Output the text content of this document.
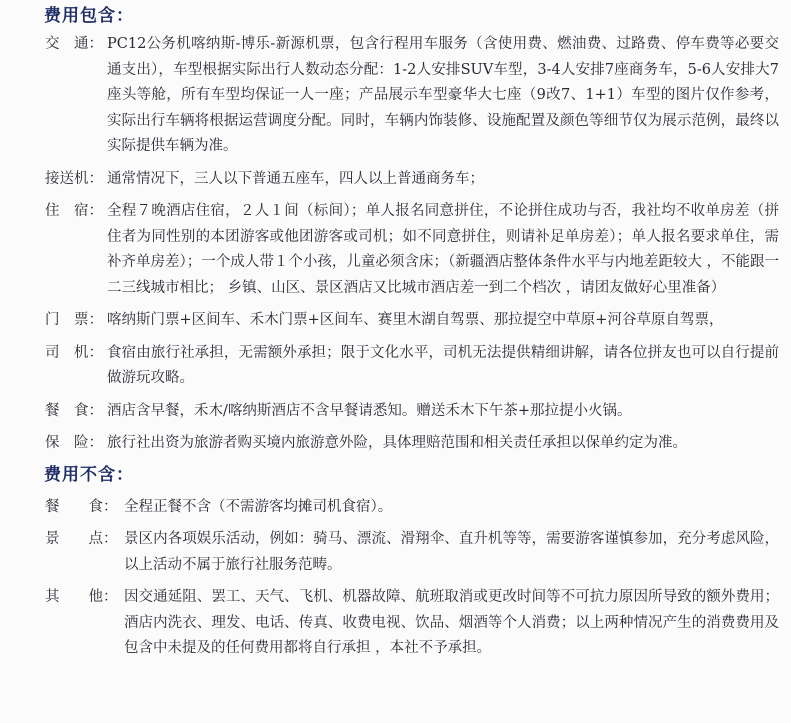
费用包含：
交　通： PC12公务机喀纳斯-博乐-新源机票，包含行程用车服务（含使用费、燃油费、过路费、停车费等必要交通支出），车型根据实际出行人数动态分配：1-2人安排SUV车型，3-4人安排7座商务车，5-6人安排大7座头等舱，所有车型均保证一人一座；产品展示车型豪华大七座（9改7、1+1）车型的图片仅作参考，实际出行车辆将根据运营调度分配。同时，车辆内饰装修、设施配置及颜色等细节仅为展示范例，最终以实际提供车辆为准。
接送机： 通常情况下，三人以下普通五座车，四人以上普通商务车；
住　宿： 全程７晚酒店住宿，２人１间（标间）；单人报名同意拼住，不论拼住成功与否，我社均不收单房差（拼住者为同性别的本团游客或他团游客或司机；如不同意拼住，则请补足单房差）；单人报名要求单住，需补齐单房差）；一个成人带１个小孩，儿童必须含床；（新疆酒店整体条件水平与内地差距较大 ，不能跟一二三线城市相比； 乡镇、山区、景区酒店又比城市酒店差一到二个档次 ，请团友做好心里准备）
门　票： 喀纳斯门票+区间车、禾木门票+区间车、赛里木湖自驾票、那拉提空中草原+河谷草原自驾票，
司　机： 食宿由旅行社承担，无需额外承担；限于文化水平，司机无法提供精细讲解，请各位拼友也可以自行提前做游玩攻略。
餐　食： 酒店含早餐，禾木/喀纳斯酒店不含早餐请悉知。赠送禾木下午茶+那拉提小火锅。
保　险： 旅行社出资为旅游者购买境内旅游意外险，具体理赔范围和相关责任承担以保单约定为准。
费用不含：
餐　　食： 全程正餐不含（不需游客均摊司机食宿）。
景　　点： 景区内各项娱乐活动，例如：骑马、漂流、滑翔伞、直升机等等，需要游客谨慎参加，充分考虑风险，以上活动不属于旅行社服务范畴。
其　　他： 因交通延阻、罢工、天气、飞机、机器故障、航班取消或更改时间等不可抗力原因所导致的额外费用；酒店内洗衣、理发、电话、传真、收费电视、饮品、烟酒等个人消费；以上两种情况产生的消费费用及包含中未提及的任何费用都将自行承担 ，本社不予承担。
